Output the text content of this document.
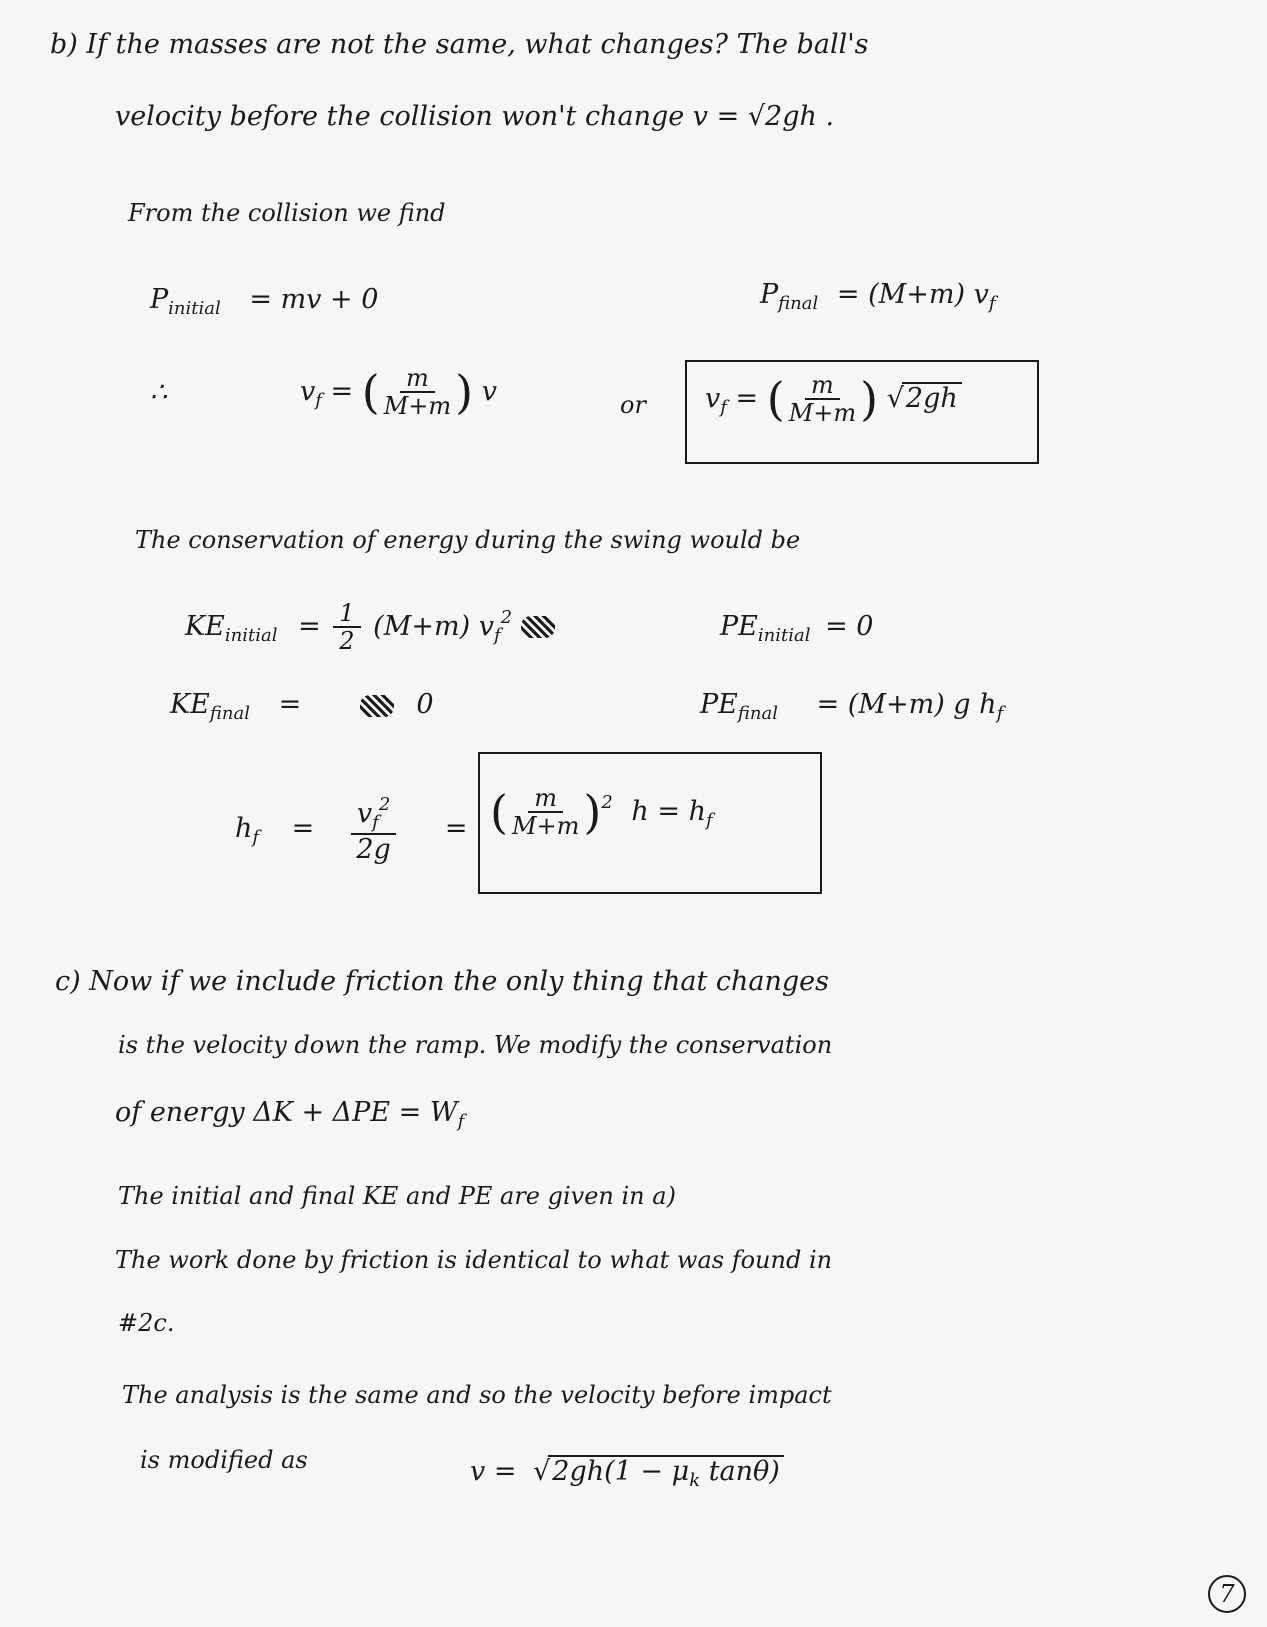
b) If the masses are not the same, what changes? The ball's
velocity before the collision won't change v = √2gh .
From the collision we find
$P_{initial}$ = mv + 0	$P_{final} = (M+m)$ $v_f$
∴	$v_f$ = ( $\frac{m}{M+m}$ ) v	or $v_f$ = ( $\frac{m}{M+m}$ ) √2gh
The conservation of energy during the swing would be
$KE_{initial} = \frac{1}{2} (M+m)$ $v_f^2$	$PE_{initial} = 0$
$KE_{final}$ =	0	$PE_{final} = (M+m)$ g $h_f$
$h_f = \frac{v_f^2}{2g}$ = ( $\frac{m}{M+m} )^2$ $h = h_f$
c) Now if we include friction the only thing that changes
is the velocity down the ramp. We modify the conservation
of energy $\Delta K + \Delta PE = W_f$
The initial and final KE and PE are given in a)
The work done by friction is identical to what was found in
#2c.
The analysis is the same and so the velocity before impact
is modified as	$v = √2gh(1 - \mu_k$ tanθ)
7
